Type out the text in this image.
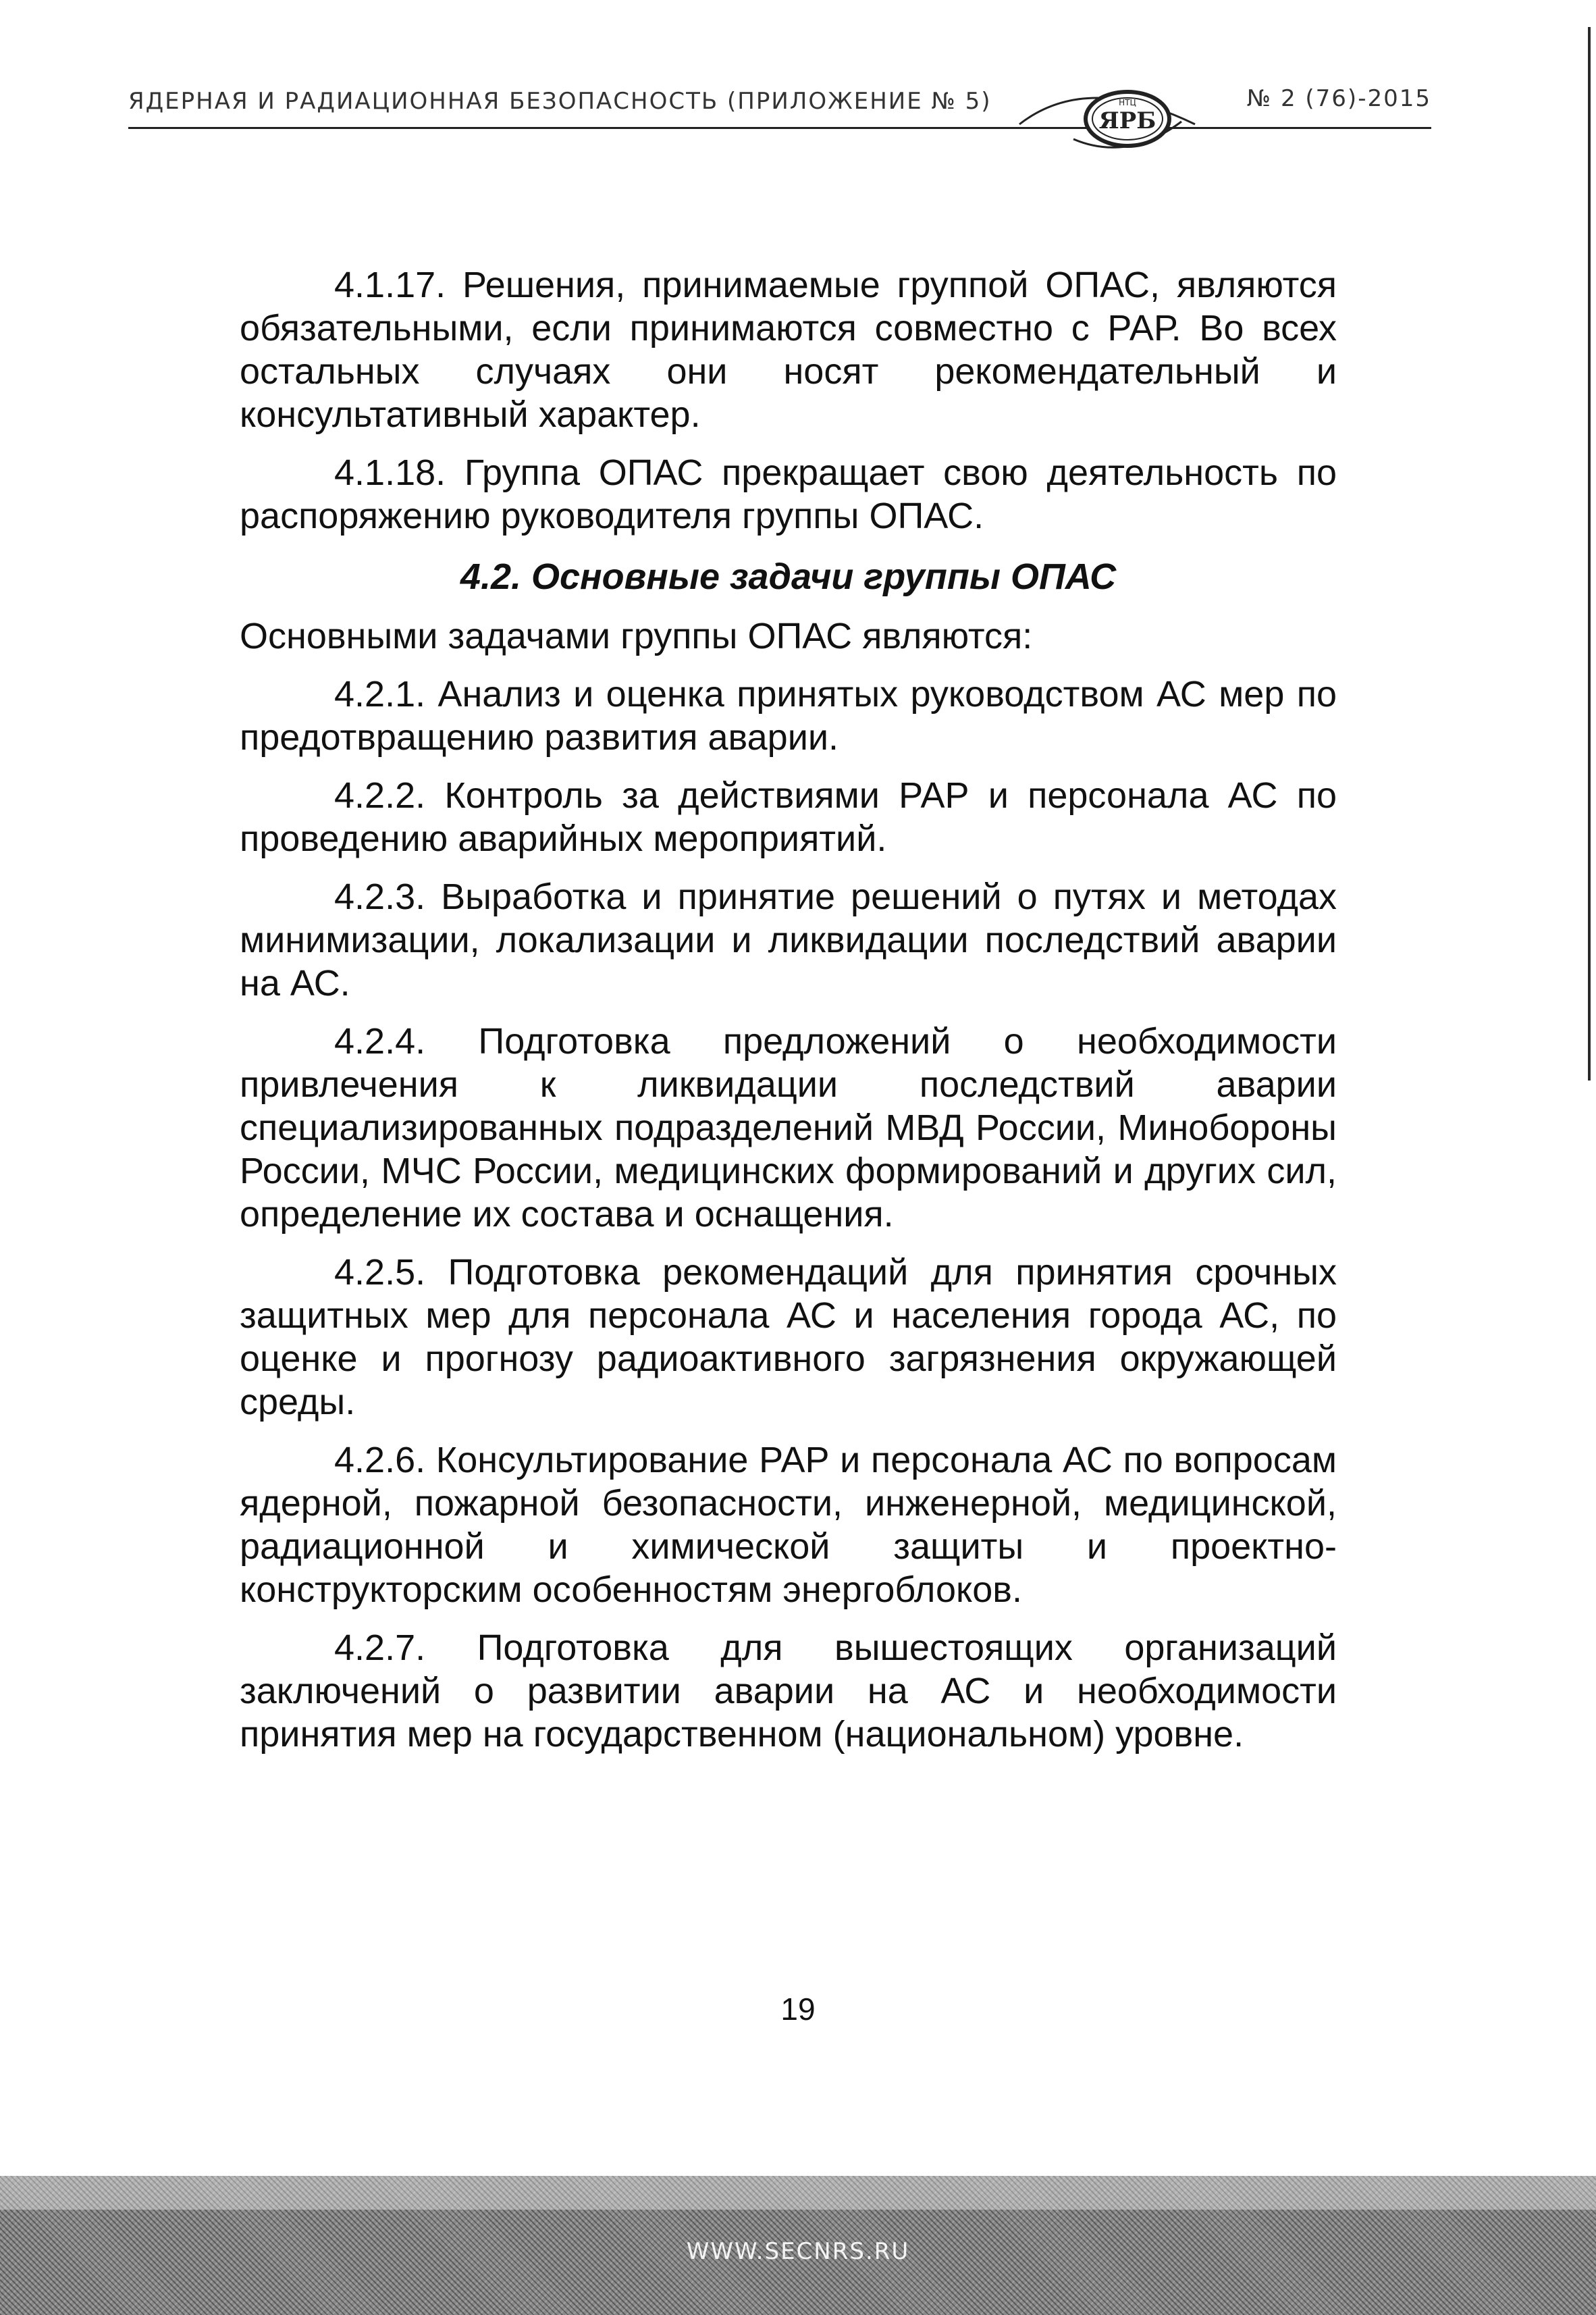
ЯДЕРНАЯ И РАДИАЦИОННАЯ БЕЗОПАСНОСТЬ (ПРИЛОЖЕНИЕ № 5)	№ 2 (76)-2015
НТЦ
ЯРБ

4.1.17. Решения, принимаемые группой ОПАС, являются обязательными, если принимаются совместно с РАР. Во всех остальных случаях они носят рекомендательный и консультативный характер.

4.1.18. Группа ОПАС прекращает свою деятельность по распоряжению руководителя группы ОПАС.

4.2. Основные задачи группы ОПАС

Основными задачами группы ОПАС являются:

4.2.1. Анализ и оценка принятых руководством АС мер по предотвращению развития аварии.

4.2.2. Контроль за действиями РАР и персонала АС по проведению аварийных мероприятий.

4.2.3. Выработка и принятие решений о путях и методах минимизации, локализации и ликвидации последствий аварии на АС.

4.2.4. Подготовка предложений о необходимости привлечения к ликвидации последствий аварии специализированных подразделений МВД России, Минобороны России, МЧС России, медицинских формирований и других сил, определение их состава и оснащения.

4.2.5. Подготовка рекомендаций для принятия срочных защитных мер для персонала АС и населения города АС, по оценке и прогнозу радиоактивного загрязнения окружающей среды.

4.2.6. Консультирование РАР и персонала АС по вопросам ядерной, пожарной безопасности, инженерной, медицинской, радиационной и химической защиты и проектно-конструкторским особенностям энергоблоков.

4.2.7. Подготовка для вышестоящих организаций заключений о развитии аварии на АС и необходимости принятия мер на государственном (национальном) уровне.

19
WWW.SECNRS.RU
